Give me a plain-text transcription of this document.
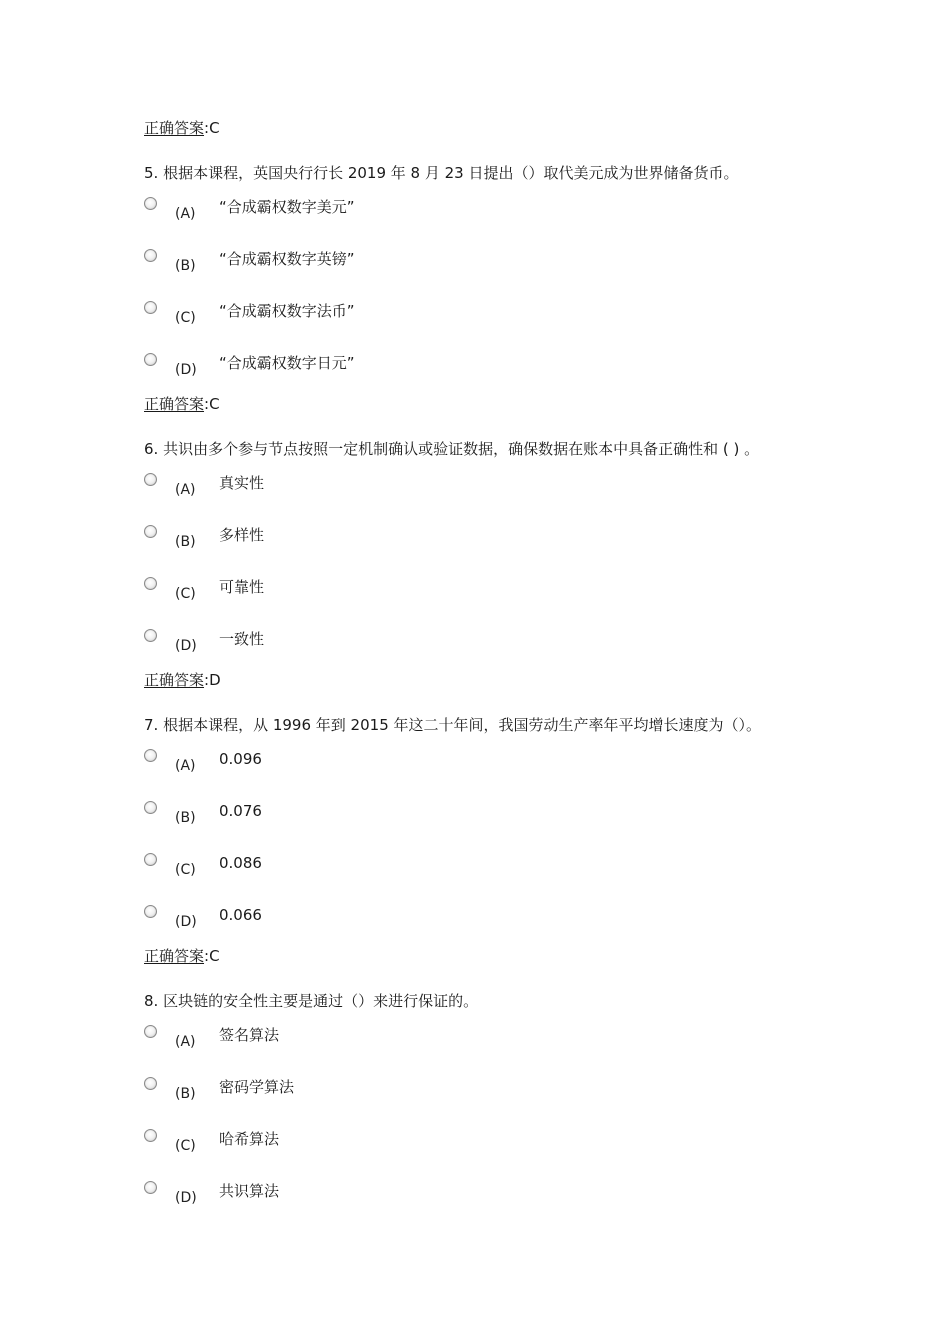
正确答案:C
5. 根据本课程，英国央行行长 2019 年 8 月 23 日提出（）取代美元成为世界储备货币。
(A) “合成霸权数字美元”
(B) “合成霸权数字英镑”
(C) “合成霸权数字法币”
(D) “合成霸权数字日元”
正确答案:C
6. 共识由多个参与节点按照一定机制确认或验证数据，确保数据在账本中具备正确性和 ( ) 。
(A) 真实性
(B) 多样性
(C) 可靠性
(D) 一致性
正确答案:D
7. 根据本课程，从 1996 年到 2015 年这二十年间，我国劳动生产率年平均增长速度为（）。
(A) 0.096
(B) 0.076
(C) 0.086
(D) 0.066
正确答案:C
8. 区块链的安全性主要是通过（）来进行保证的。
(A) 签名算法
(B) 密码学算法
(C) 哈希算法
(D) 共识算法
